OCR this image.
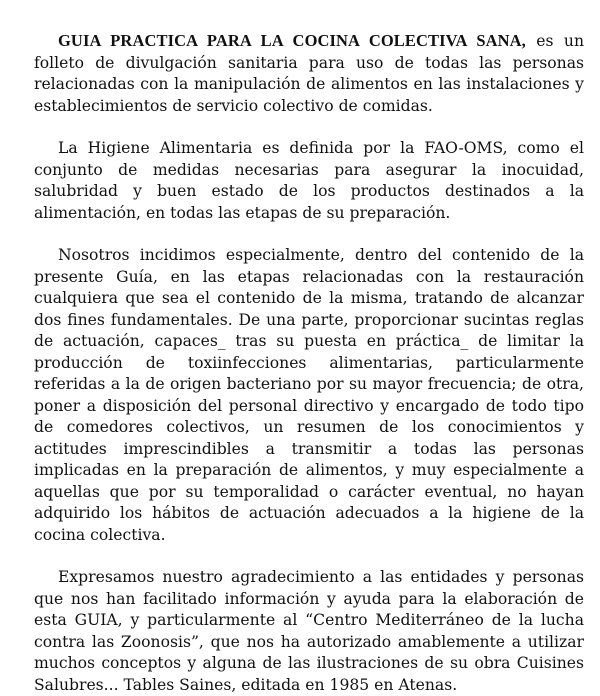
GUIA PRACTICA PARA LA COCINA COLECTIVA SANA, es un folleto de divulgación sanitaria para uso de todas las personas relacionadas con la manipulación de alimentos en las instalaciones y establecimientos de servicio colectivo de comidas.

La Higiene Alimentaria es definida por la FAO-OMS, como el conjunto de medidas necesarias para asegurar la inocuidad, salubridad y buen estado de los productos destinados a la alimentación, en todas las etapas de su preparación.

Nosotros incidimos especialmente, dentro del contenido de la presente Guía, en las etapas relacionadas con la restauración cualquiera que sea el contenido de la misma, tratando de alcanzar dos fines fundamentales. De una parte, proporcionar sucintas reglas de actuación, capaces_ tras su puesta en práctica_ de limitar la producción de toxiinfecciones alimentarias, particularmente referidas a la de origen bacteriano por su mayor frecuencia; de otra, poner a disposición del personal directivo y encargado de todo tipo de comedores colectivos, un resumen de los conocimientos y actitudes imprescindibles a transmitir a todas las personas implicadas en la preparación de alimentos, y muy especialmente a aquellas que por su temporalidad o carácter eventual, no hayan adquirido los hábitos de actuación adecuados a la higiene de la cocina colectiva.

Expresamos nuestro agradecimiento a las entidades y personas que nos han facilitado información y ayuda para la elaboración de esta GUIA, y particularmente al “Centro Mediterráneo de la lucha contra las Zoonosis”, que nos ha autorizado amablemente a utilizar muchos conceptos y alguna de las ilustraciones de su obra Cuisines Salubres... Tables Saines, editada en 1985 en Atenas.
